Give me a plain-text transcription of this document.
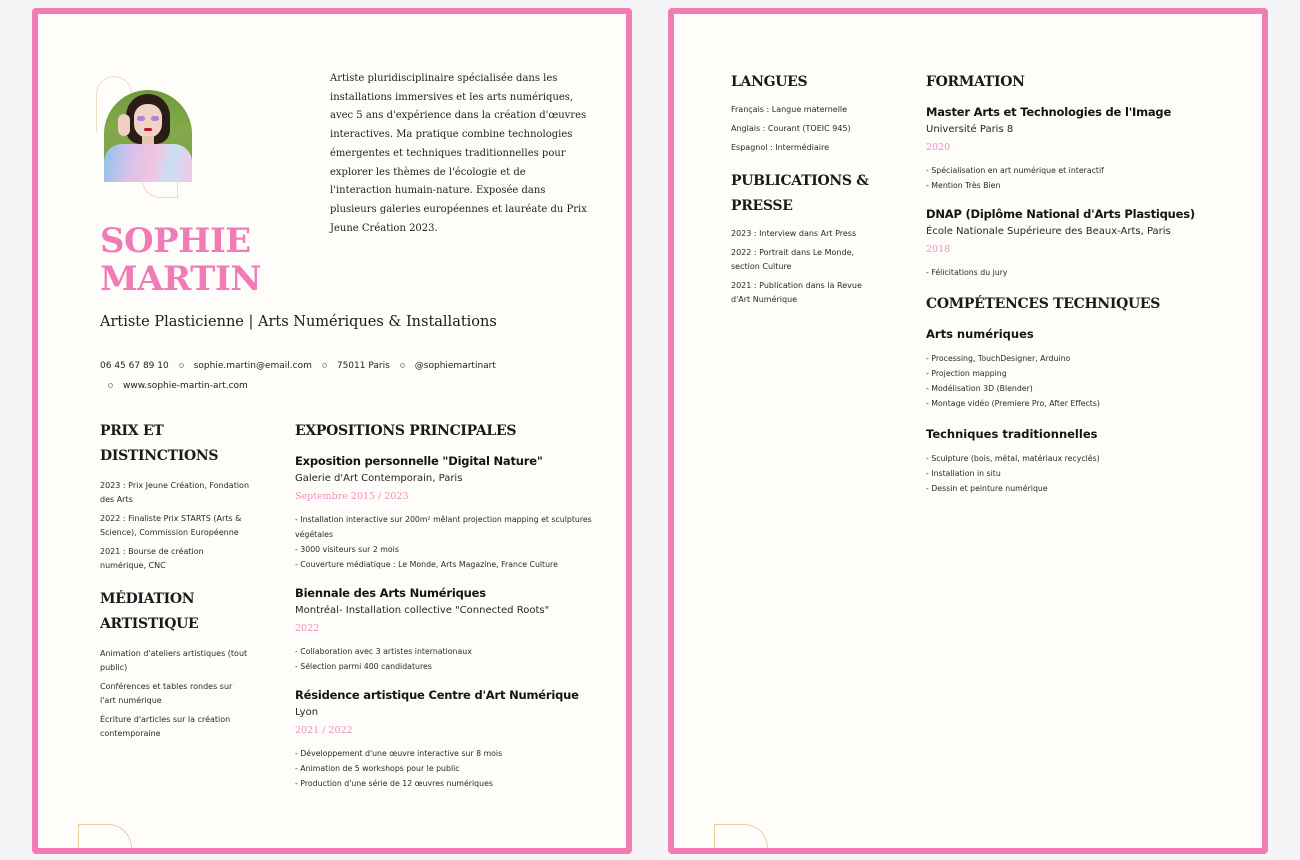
Artiste pluridisciplinaire spécialisée dans les installations immersives et les arts numériques, avec 5 ans d'expérience dans la création d'œuvres interactives. Ma pratique combine technologies émergentes et techniques traditionnelles pour explorer les thèmes de l'écologie et de l'interaction humain-nature. Exposée dans plusieurs galeries européennes et lauréate du Prix Jeune Création 2023.

SOPHIE
MARTIN
Artiste Plasticienne | Arts Numériques & Installations
06 45 67 89 10	sophie.martin@email.com	75011 Paris	@sophiemartinart
www.sophie-martin-art.com
PRIX ET
DISTINCTIONS
2023 : Prix Jeune Création, Fondation des Arts
2022 : Finaliste Prix STARTS (Arts & Science), Commission Européenne
2021 : Bourse de création numérique, CNC
MÉDIATION
ARTISTIQUE
Animation d'ateliers artistiques (tout public)
Conférences et tables rondes sur l'art numérique
Écriture d'articles sur la création contemporaine
EXPOSITIONS PRINCIPALES
Exposition personnelle "Digital Nature"
Galerie d'Art Contemporain, Paris
Septembre 2015 / 2023
- Installation interactive sur 200m² mêlant projection mapping et sculptures végétales
- 3000 visiteurs sur 2 mois
- Couverture médiatique : Le Monde, Arts Magazine, France Culture
Biennale des Arts Numériques
Montréal- Installation collective "Connected Roots"
2022
- Collaboration avec 3 artistes internationaux
- Sélection parmi 400 candidatures
Résidence artistique Centre d'Art Numérique
Lyon
2021 / 2022
- Développement d'une œuvre interactive sur 8 mois
- Animation de 5 workshops pour le public
- Production d'une série de 12 œuvres numériques
LANGUES
Français : Langue maternelle
Anglais : Courant (TOEIC 945)
Espagnol : Intermédiaire
PUBLICATIONS &
PRESSE
2023 : Interview dans Art Press
2022 : Portrait dans Le Monde, section Culture
2021 : Publication dans la Revue d'Art Numérique
FORMATION
Master Arts et Technologies de l'Image
Université Paris 8
2020
- Spécialisation en art numérique et interactif
- Mention Très Bien
DNAP (Diplôme National d'Arts Plastiques)
École Nationale Supérieure des Beaux-Arts, Paris
2018
- Félicitations du jury
COMPÉTENCES TECHNIQUES
Arts numériques
- Processing, TouchDesigner, Arduino
- Projection mapping
- Modélisation 3D (Blender)
- Montage vidéo (Premiere Pro, After Effects)
Techniques traditionnelles
- Sculpture (bois, métal, matériaux recyclés)
- Installation in situ
- Dessin et peinture numérique
